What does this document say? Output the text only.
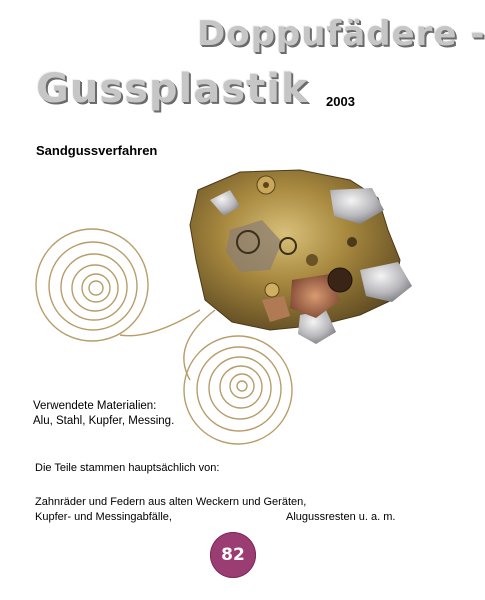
Doppufädere -
Gussplastik 2003

Sandgussverfahren

Verwendete Materialien:
Alu, Stahl, Kupfer, Messing.

Die Teile stammen hauptsächlich von:

Zahnräder und Federn aus alten Weckern und Geräten,

Kupfer- und Messingabfälle,	Alugussresten u. a. m.

82
